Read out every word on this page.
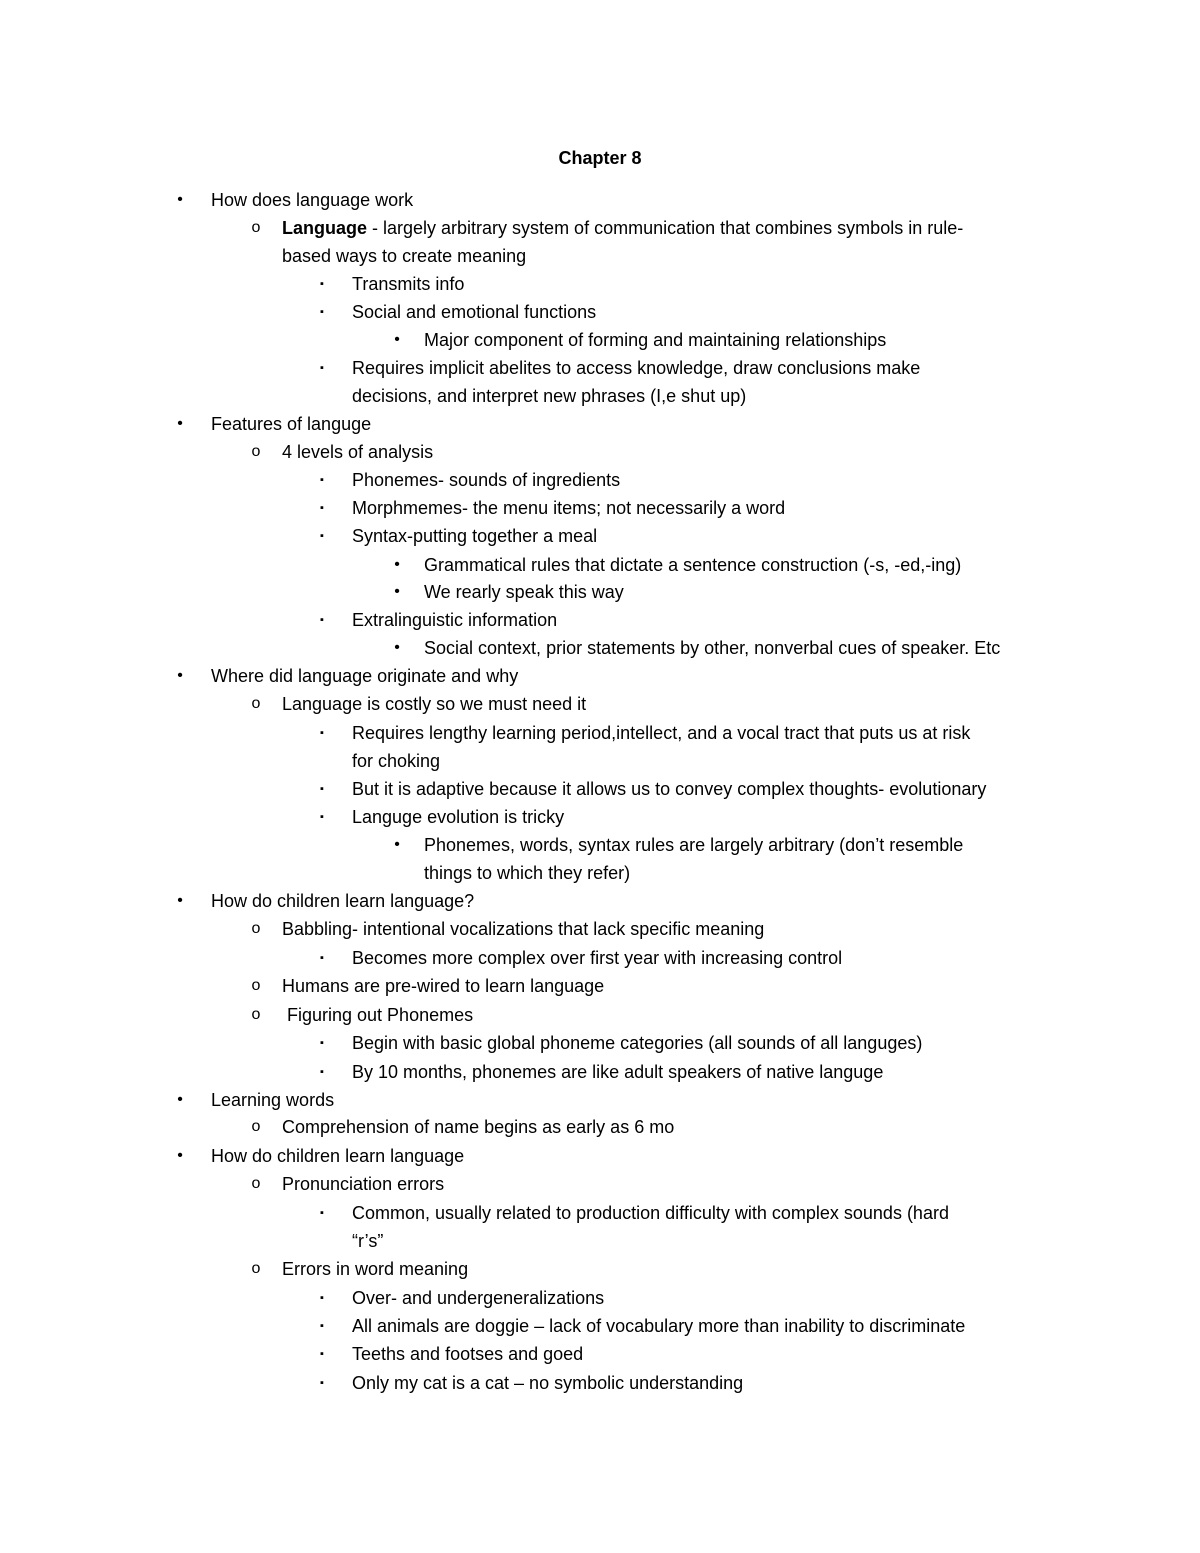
Chapter 8
• How does language work
o Language - largely arbitrary system of communication that combines symbols in rule-
based ways to create meaning
▪	Transmits info
▪	Social and emotional functions
• Major component of forming and maintaining relationships
▪	Requires implicit abelites to access knowledge, draw conclusions make
decisions, and interpret new phrases (I,e shut up)
• Features of languge
o 4 levels of analysis
▪	Phonemes- sounds of ingredients
▪	Morphmemes- the menu items; not necessarily a word
▪	Syntax-putting together a meal
• Grammatical rules that dictate a sentence construction (-s, -ed,-ing)
• We rearly speak this way
▪	Extralinguistic information
• Social context, prior statements by other, nonverbal cues of speaker. Etc
• Where did language originate and why
o Language is costly so we must need it
▪	Requires lengthy learning period,intellect, and a vocal tract that puts us at risk
for choking
▪	But it is adaptive because it allows us to convey complex thoughts- evolutionary
▪	Languge evolution is tricky
• Phonemes, words, syntax rules are largely arbitrary (don’t resemble
things to which they refer)
• How do children learn language?
o Babbling- intentional vocalizations that lack specific meaning
▪	Becomes more complex over first year with increasing control
o Humans are pre-wired to learn language
o Figuring out Phonemes
▪	Begin with basic global phoneme categories (all sounds of all languges)
▪	By 10 months, phonemes are like adult speakers of native languge
• Learning words
o Comprehension of name begins as early as 6 mo
• How do children learn language
o Pronunciation errors
▪	Common, usually related to production difficulty with complex sounds (hard
“r’s”
o Errors in word meaning
▪	Over- and undergeneralizations
▪	All animals are doggie – lack of vocabulary more than inability to discriminate
▪	Teeths and footses and goed
▪	Only my cat is a cat – no symbolic understanding
